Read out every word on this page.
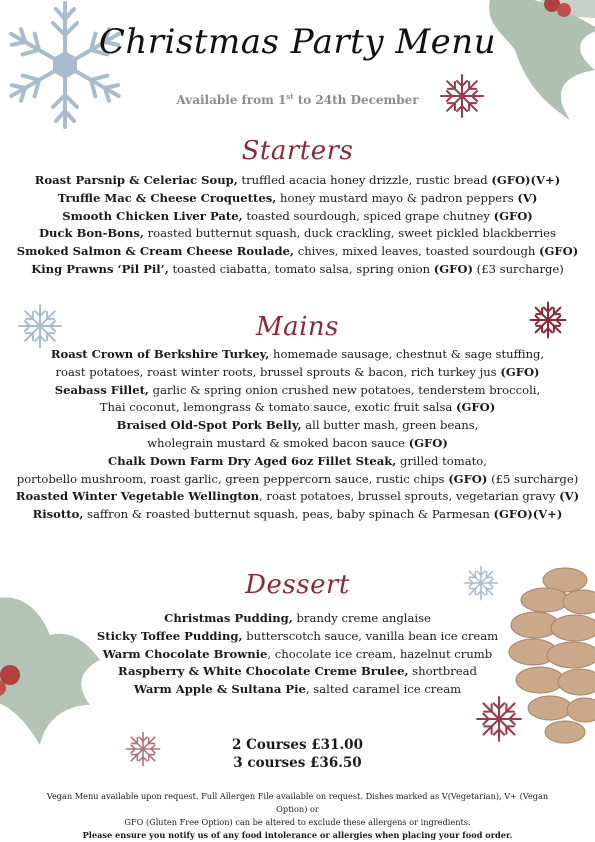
Christmas Party Menu
Available from 1st to 24th December
Starters
Roast Parsnip & Celeriac Soup, truffled acacia honey drizzle, rustic bread (GFO)(V+)
Truffle Mac & Cheese Croquettes, honey mustard mayo & padron peppers (V)
Smooth Chicken Liver Pate, toasted sourdough, spiced grape chutney (GFO)
Duck Bon-Bons, roasted butternut squash, duck crackling, sweet pickled blackberries
Smoked Salmon & Cream Cheese Roulade, chives, mixed leaves, toasted sourdough (GFO)
King Prawns ‘Pil Pil’, toasted ciabatta, tomato salsa, spring onion (GFO) (£3 surcharge)
Mains
Roast Crown of Berkshire Turkey, homemade sausage, chestnut & sage stuffing,
roast potatoes, roast winter roots, brussel sprouts & bacon, rich turkey jus (GFO)
Seabass Fillet, garlic & spring onion crushed new potatoes, tenderstem broccoli,
Thai coconut, lemongrass & tomato sauce, exotic fruit salsa (GFO)
Braised Old-Spot Pork Belly, all butter mash, green beans,
wholegrain mustard & smoked bacon sauce (GFO)
Chalk Down Farm Dry Aged 6oz Fillet Steak, grilled tomato,
portobello mushroom, roast garlic, green peppercorn sauce, rustic chips (GFO) (£5 surcharge)
Roasted Winter Vegetable Wellington, roast potatoes, brussel sprouts, vegetarian gravy (V)
Risotto, saffron & roasted butternut squash, peas, baby spinach & Parmesan (GFO)(V+)
Dessert
Christmas Pudding, brandy creme anglaise
Sticky Toffee Pudding, butterscotch sauce, vanilla bean ice cream
Warm Chocolate Brownie, chocolate ice cream, hazelnut crumb
Raspberry & White Chocolate Creme Brulee, shortbread
Warm Apple & Sultana Pie, salted caramel ice cream
2 Courses £31.00
3 courses £36.50
Vegan Menu available upon request. Full Allergen File available on request. Dishes marked as V(Vegetarian), V+ (Vegan Option) or
GFO (Gluten Free Option) can be altered to exclude these allergens or ingredients.
Please ensure you notify us of any food intolerance or allergies when placing your food order.
